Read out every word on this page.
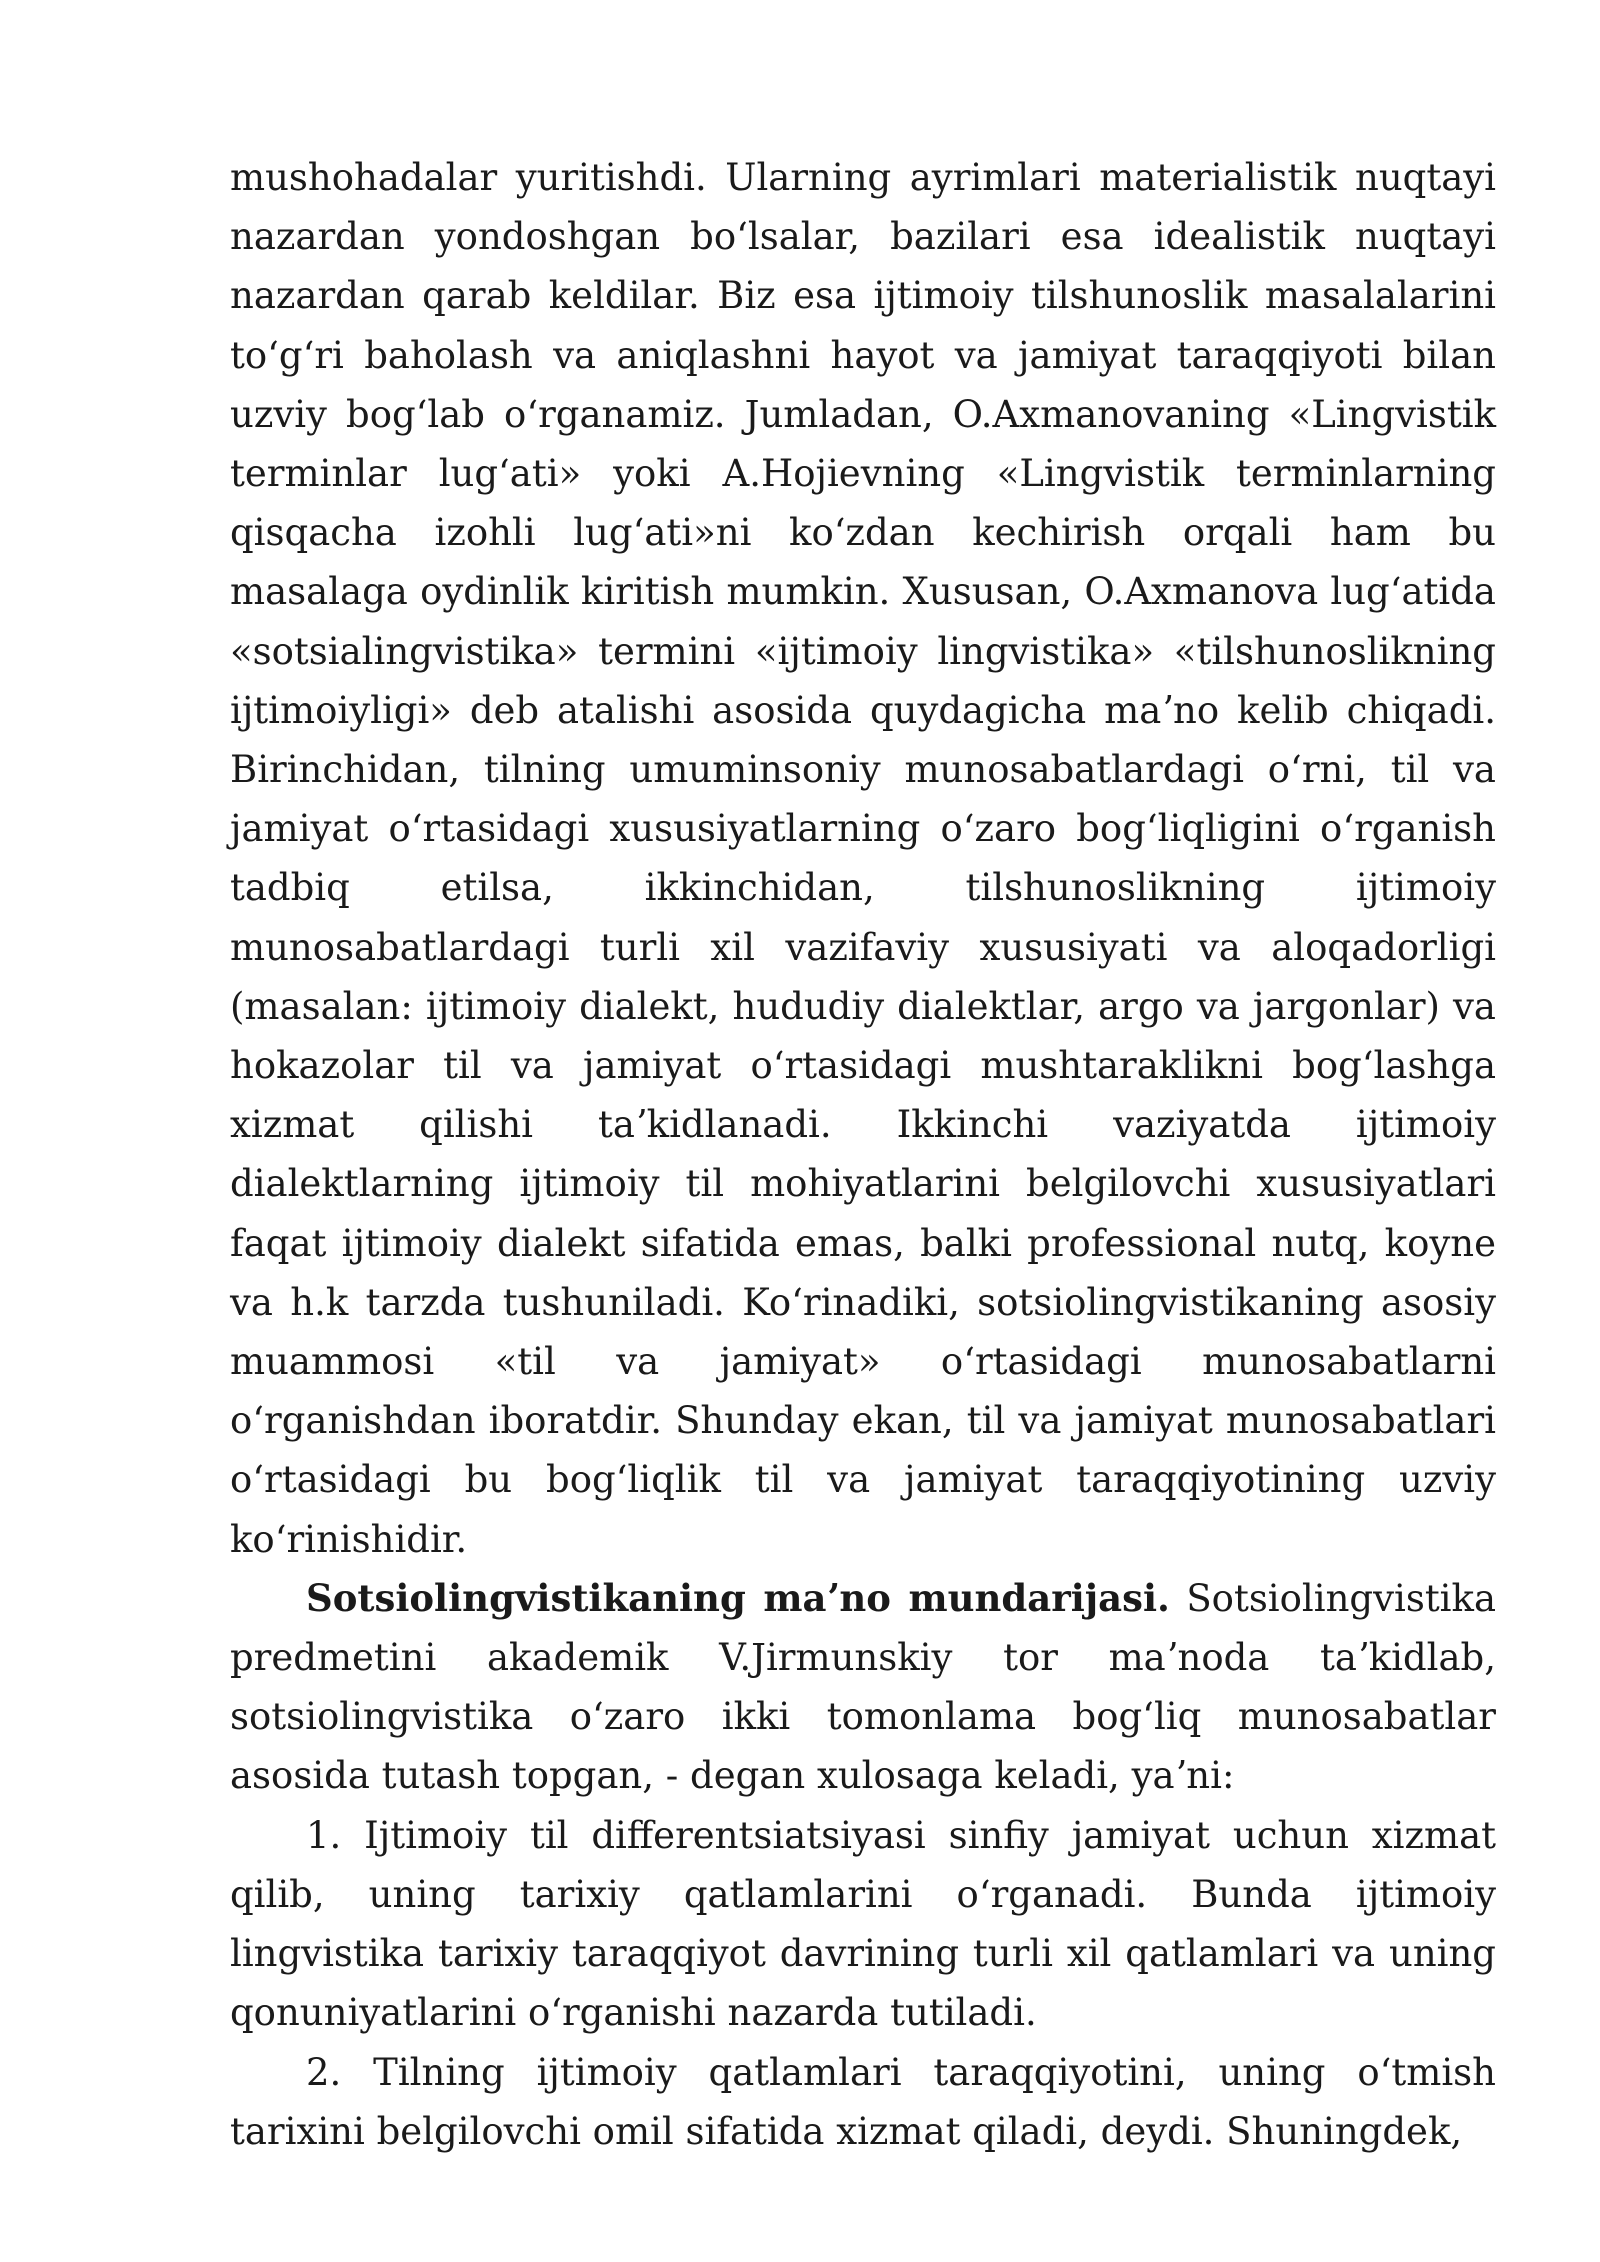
mushohadalar yuritishdi. Ularning ayrimlari materialistik nuqtayi nazardan yondoshgan boʻlsalar, bazilari esa idealistik nuqtayi nazardan qarab keldilar. Biz esa ijtimoiy tilshunoslik masalalarini toʻgʻri baholash va aniqlashni hayot va jamiyat taraqqiyoti bilan uzviy bogʻlab oʻrganamiz. Jumladan, O.Axmanovaning «Lingvistik terminlar lugʻati» yoki A.Hojievning «Lingvistik terminlarning qisqacha izohli lugʻati»ni koʻzdan kechirish orqali ham bu masalaga oydinlik kiritish mumkin. Xususan, O.Axmanova lugʻatida «sotsialingvistika» termini «ijtimoiy lingvistika» «tilshunoslikning ijtimoiyligi» deb atalishi asosida quydagicha maʼno kelib chiqadi. Birinchidan, tilning umuminsoniy munosabatlardagi oʻrni, til va jamiyat oʻrtasidagi xususiyatlarning oʻzaro bogʻliqligini oʻrganish tadbiq etilsa, ikkinchidan, tilshunoslikning ijtimoiy munosabatlardagi turli xil vazifaviy xususiyati va aloqadorligi (masalan: ijtimoiy dialekt, hududiy dialektlar, argo va jargonlar) va hokazolar til va jamiyat oʻrtasidagi mushtaraklikni bogʻlashga xizmat qilishi taʼkidlanadi. Ikkinchi vaziyatda ijtimoiy dialektlarning ijtimoiy til mohiyatlarini belgilovchi xususiyatlari faqat ijtimoiy dialekt sifatida emas, balki professional nutq, koyne va h.k tarzda tushuniladi. Koʻrinadiki, sotsiolingvistikaning asosiy muammosi «til va jamiyat» oʻrtasidagi munosabatlarni oʻrganishdan iboratdir. Shunday ekan, til va jamiyat munosabatlari oʻrtasidagi bu bogʻliqlik til va jamiyat taraqqiyotining uzviy koʻrinishidir.

Sotsiolingvistikaning maʼno mundarijasi. Sotsiolingvistika predmetini akademik V.Jirmunskiy tor maʼnoda taʼkidlab, sotsiolingvistika oʻzaro ikki tomonlama bogʻliq munosabatlar asosida tutash topgan, - degan xulosaga keladi, yaʼni:

1. Ijtimoiy til differentsiatsiyasi sinfiy jamiyat uchun xizmat qilib, uning tarixiy qatlamlarini oʻrganadi. Bunda ijtimoiy lingvistika tarixiy taraqqiyot davrining turli xil qatlamlari va uning qonuniyatlarini oʻrganishi nazarda tutiladi.

2. Tilning ijtimoiy qatlamlari taraqqiyotini, uning oʻtmish tarixini belgilovchi omil sifatida xizmat qiladi, deydi. Shuningdek,
